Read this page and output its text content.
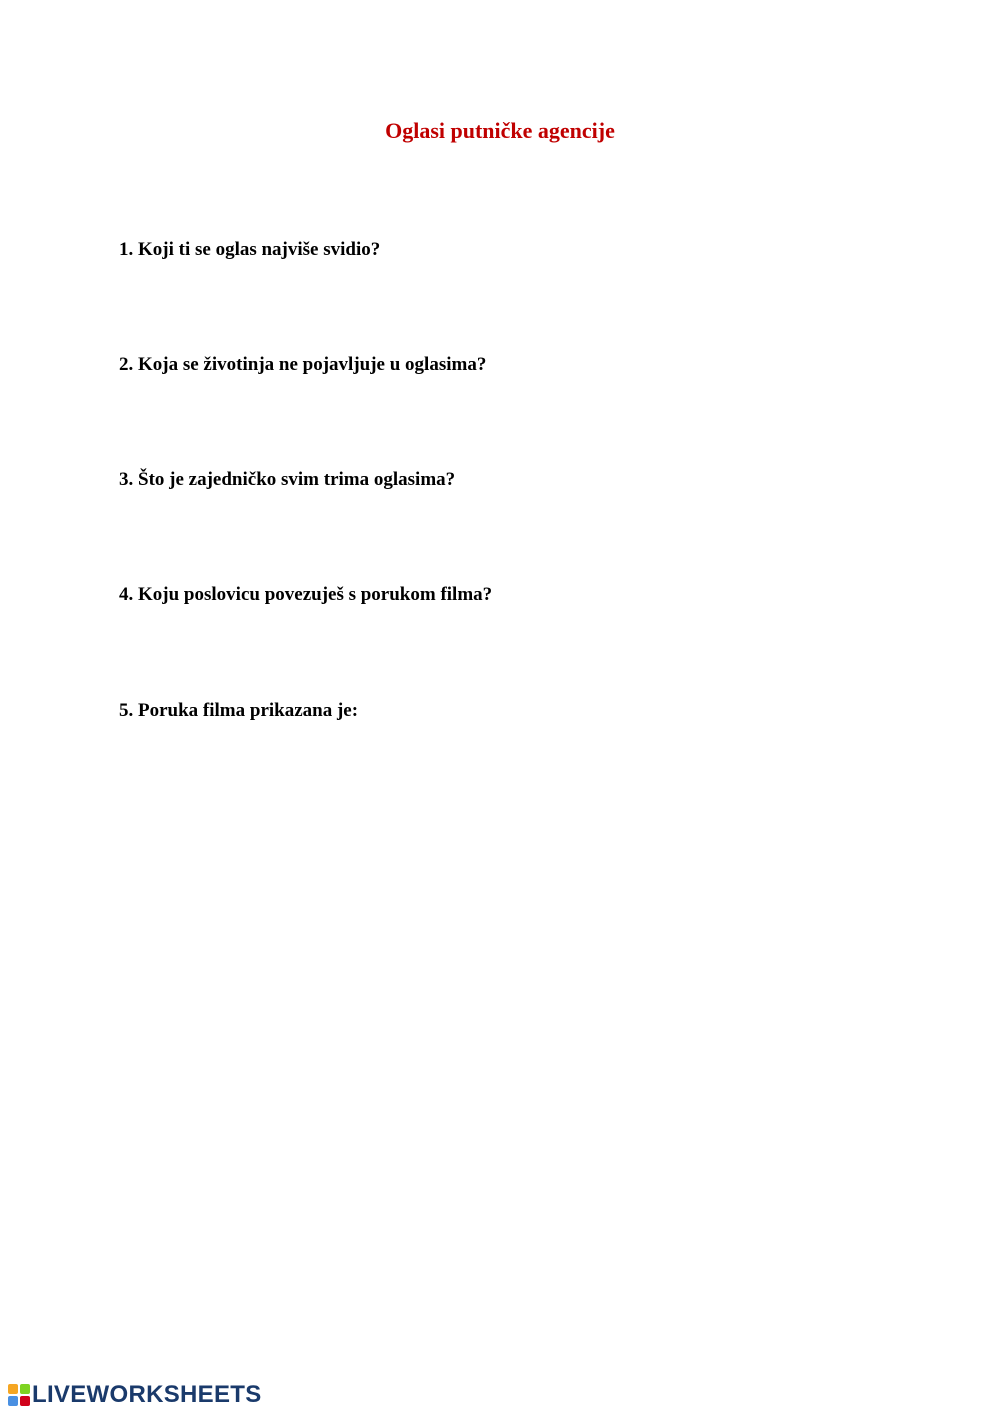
Oglasi putničke agencije

1. Koji ti se oglas najviše svidio?

2. Koja se životinja ne pojavljuje u oglasima?

3. Što je zajedničko svim trima oglasima?

4. Koju poslovicu povezuješ s porukom filma?

5. Poruka filma prikazana je:

LIVEWORKSHEETS
